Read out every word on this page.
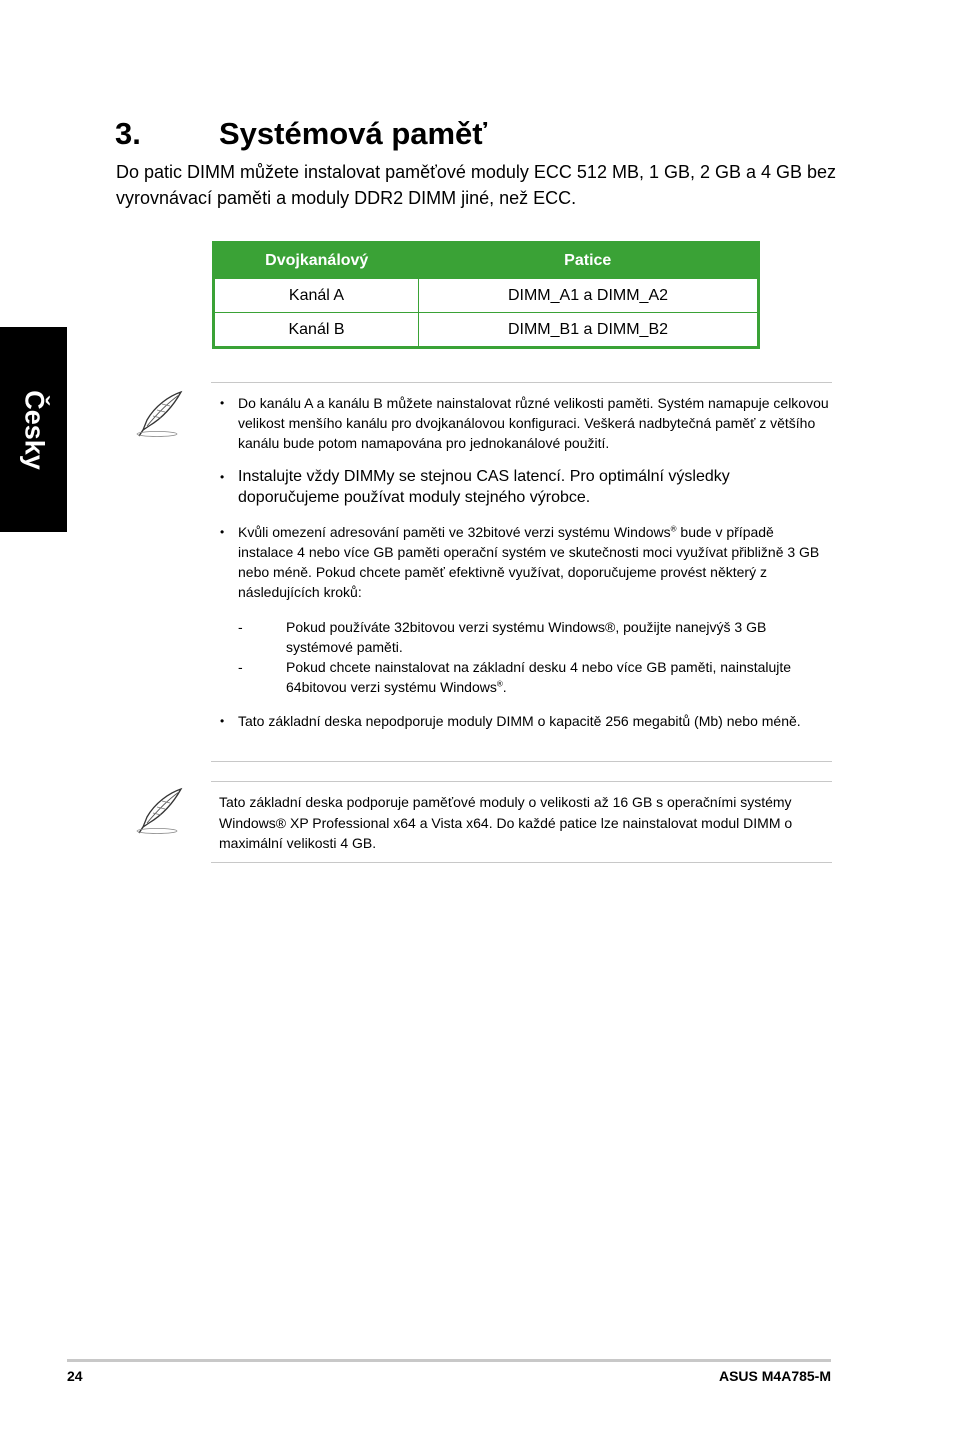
Česky
3.	Systémová paměť
Do patic DIMM můžete instalovat paměťové moduly ECC 512 MB, 1 GB, 2 GB a 4 GB bez vyrovnávací paměti a moduly DDR2 DIMM jiné, než ECC.
Dvojkanálový	Patice
Kanál A	DIMM_A1 a DIMM_A2
Kanál B	DIMM_B1 a DIMM_B2
• Do kanálu A a kanálu B můžete nainstalovat různé velikosti paměti. Systém namapuje celkovou velikost menšího kanálu pro dvojkanálovou konfiguraci. Veškerá nadbytečná paměť z většího kanálu bude potom namapována pro jednokanálové použití.
• Instalujte vždy DIMMy se stejnou CAS latencí. Pro optimální výsledky doporučujeme používat moduly stejného výrobce.
• Kvůli omezení adresování paměti ve 32bitové verzi systému Windows® bude v případě instalace 4 nebo více GB paměti operační systém ve skutečnosti moci využívat přibližně 3 GB nebo méně. Pokud chcete paměť efektivně využívat, doporučujeme provést některý z následujících kroků:
-	Pokud používáte 32bitovou verzi systému Windows®, použijte nanejvýš 3 GB systémové paměti.
-	Pokud chcete nainstalovat na základní desku 4 nebo více GB paměti, nainstalujte 64bitovou verzi systému Windows®.
• Tato základní deska nepodporuje moduly DIMM o kapacitě 256 megabitů (Mb) nebo méně.
Tato základní deska podporuje paměťové moduly o velikosti až 16 GB s operačními systémy Windows® XP Professional x64 a Vista x64. Do každé patice lze nainstalovat modul DIMM o maximální velikosti 4 GB.
24	ASUS M4A785-M
